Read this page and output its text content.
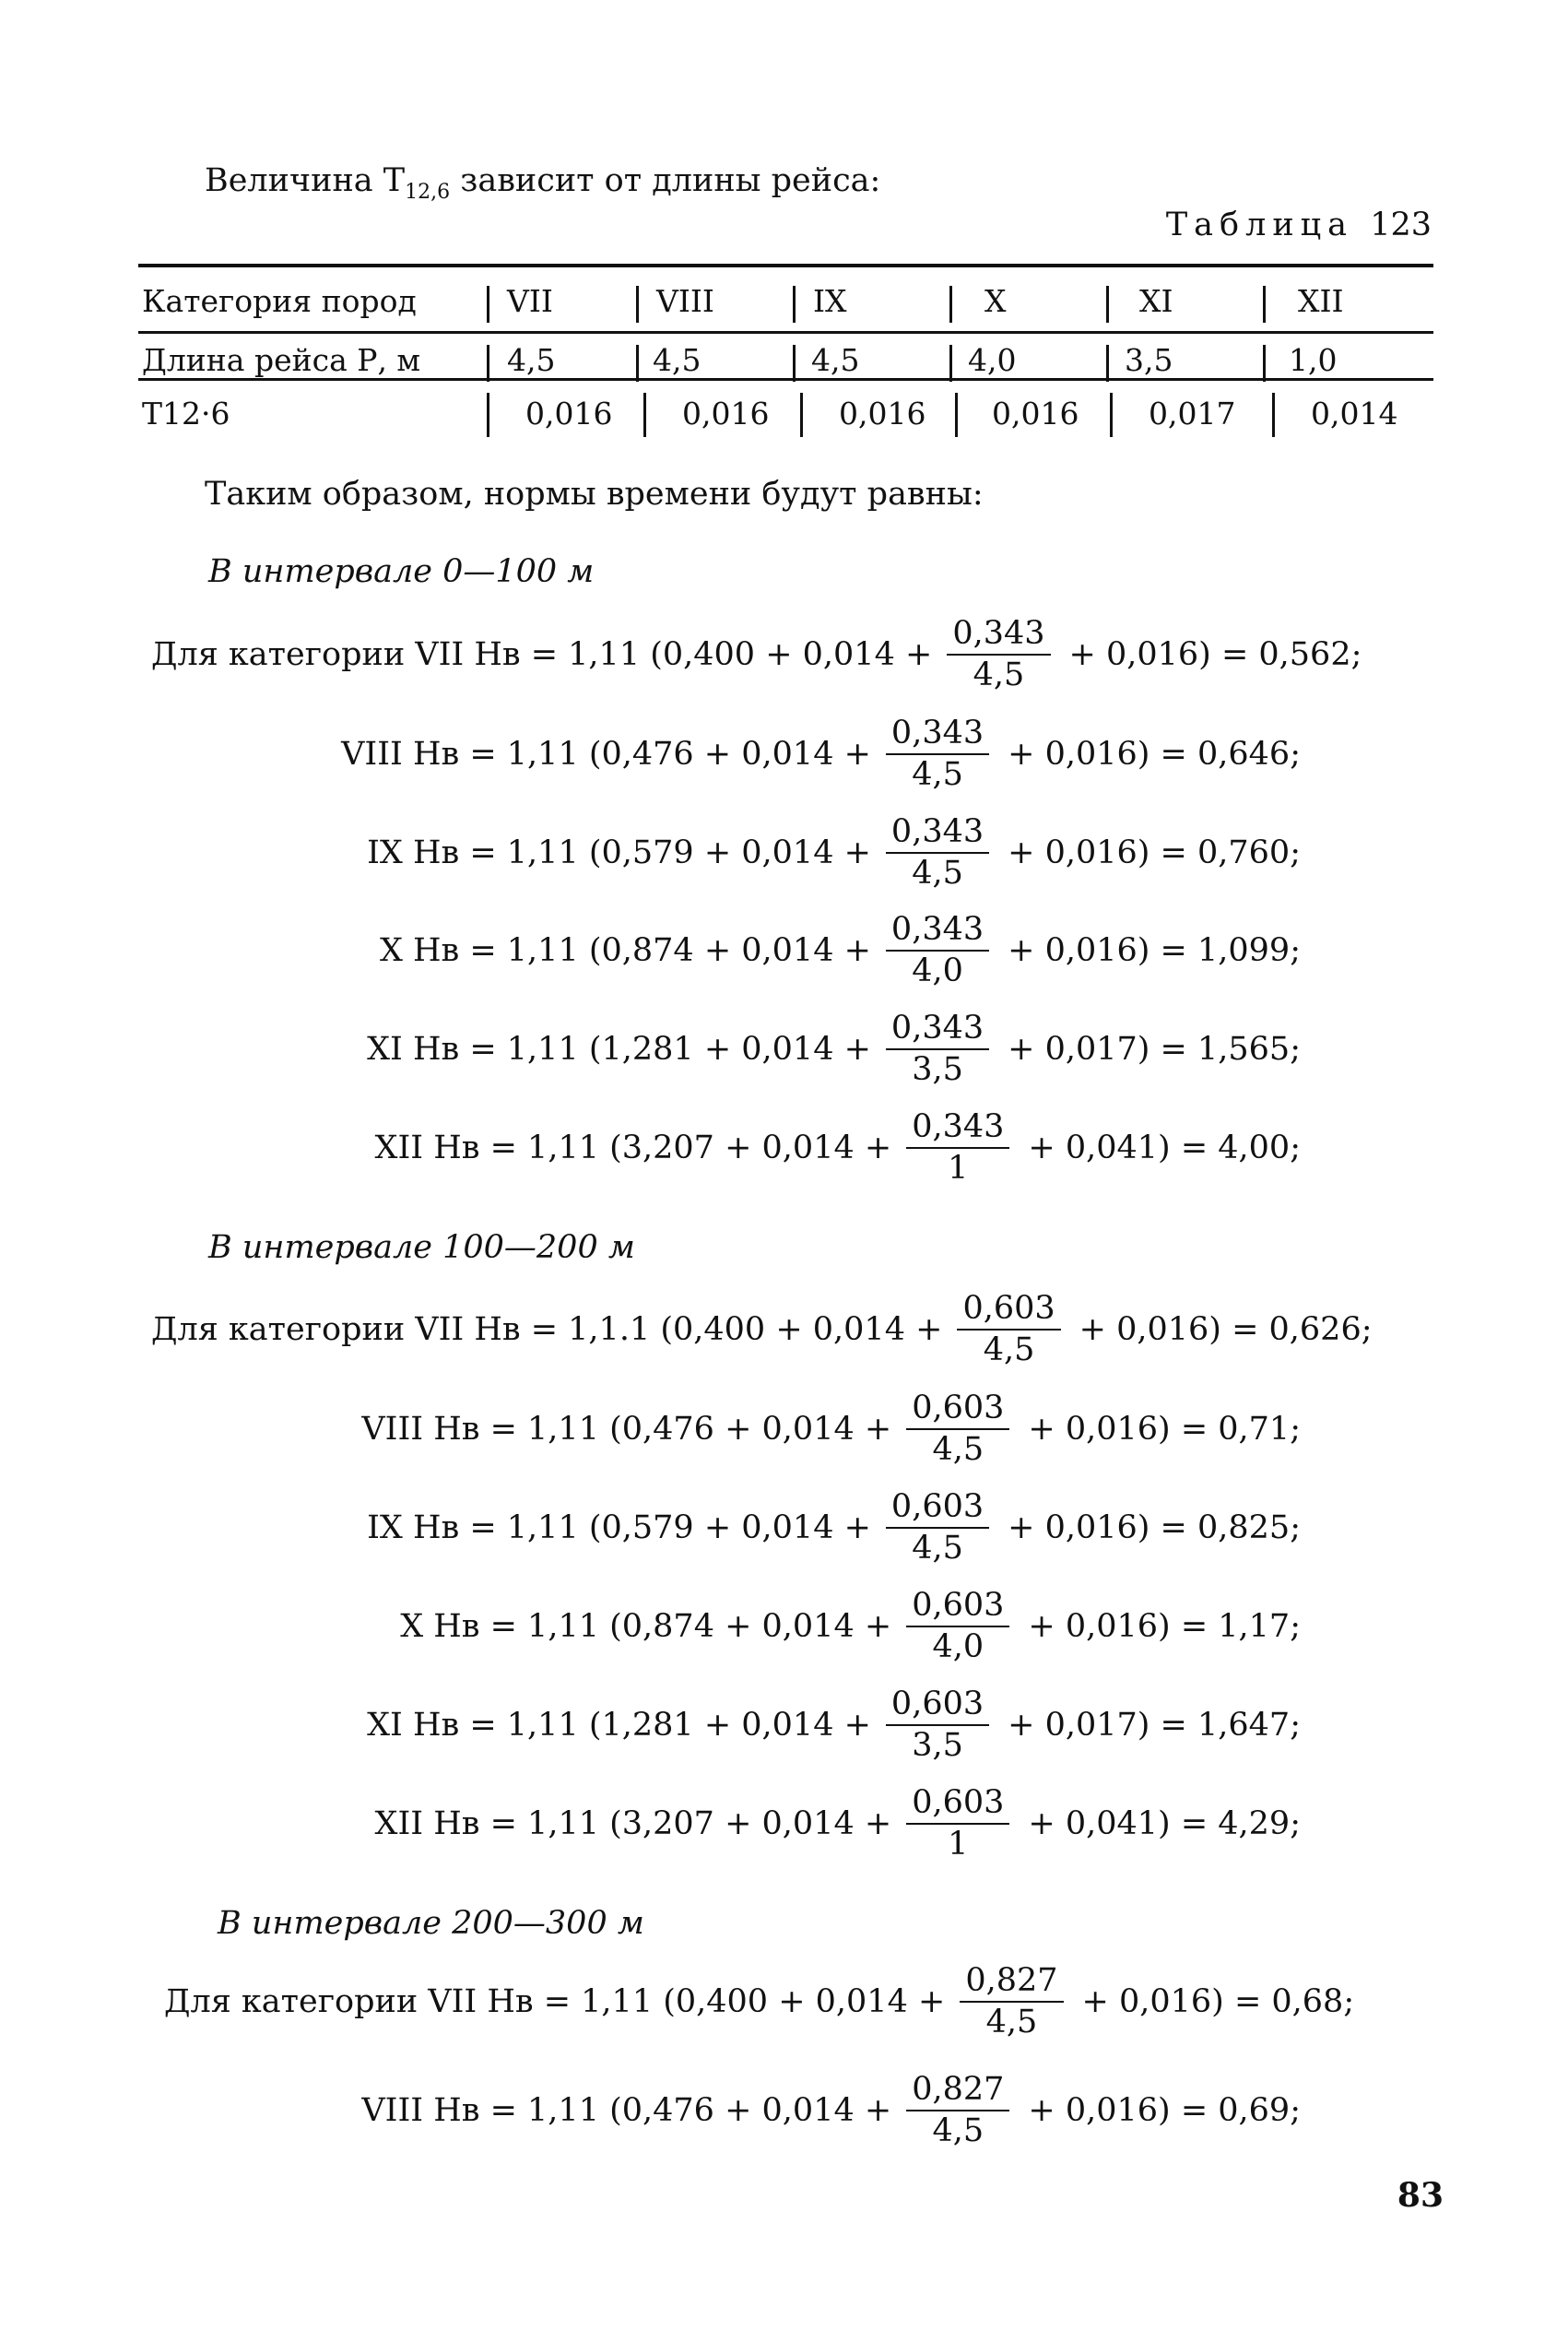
Величина $Т_{12,6}$ зависит от длины рейса:
Таблица 123
Категория пород	VII	VIII	IX	X	XI	XII
Длина рейса Р, м	4,5	4,5	4,5	4,0	3,5	1,0
Т12·6	0,016 0,016 0,016 0,016 0,017 0,014
Таким образом, нормы времени будут равны:
В интервале 0—100 м
Для категории VII Нв = 1,11 $(0,400 + 0,014 + \frac{0,343}{4,5} + 0,016) = 0,562$;
VIII Нв = 1,11 $(0,476 + 0,014 + \frac{0,343}{4,5} + 0,016) = 0,646$;
IX Нв = 1,11 $(0,579 + 0,014 + \frac{0,343}{4,5} + 0,016) = 0,760$;
X Нв = 1,11 $(0,874 + 0,014 + \frac{0,343}{4,0} + 0,016) = 1,099$;
XI Нв = 1,11 $(1,281 + 0,014 + \frac{0,343}{3,5} + 0,017) = 1,565$;
XII Нв = 1,11 $(3,207 + 0,014 + \frac{0,343}{1} + 0,041) = 4,00$;
В интервале 100—200 м
Для категории VII Нв = 1,1.1 $(0,400 + 0,014 + \frac{0,603}{4,5} + 0,016) = 0,626$;
VIII Нв = 1,11 $(0,476 + 0,014 + \frac{0,603}{4,5} + 0,016) = 0,71$;
IX Нв = 1,11 $(0,579 + 0,014 + \frac{0,603}{4,5} + 0,016) = 0,825$;
X Нв = 1,11 $(0,874 + 0,014 + \frac{0,603}{4,0} + 0,016) = 1,17$;
XI Нв = 1,11 $(1,281 + 0,014 + \frac{0,603}{3,5} + 0,017) = 1,647$;
XII Нв = 1,11 $(3,207 + 0,014 + \frac{0,603}{1} + 0,041) = 4,29$;
В интервале 200—300 м
Для категории VII Нв = 1,11 $(0,400 + 0,014 + \frac{0,827}{4,5} + 0,016) = 0,68$;
VIII Нв = 1,11 $(0,476 + 0,014 + \frac{0,827}{4,5} + 0,016) = 0,69$;
83
